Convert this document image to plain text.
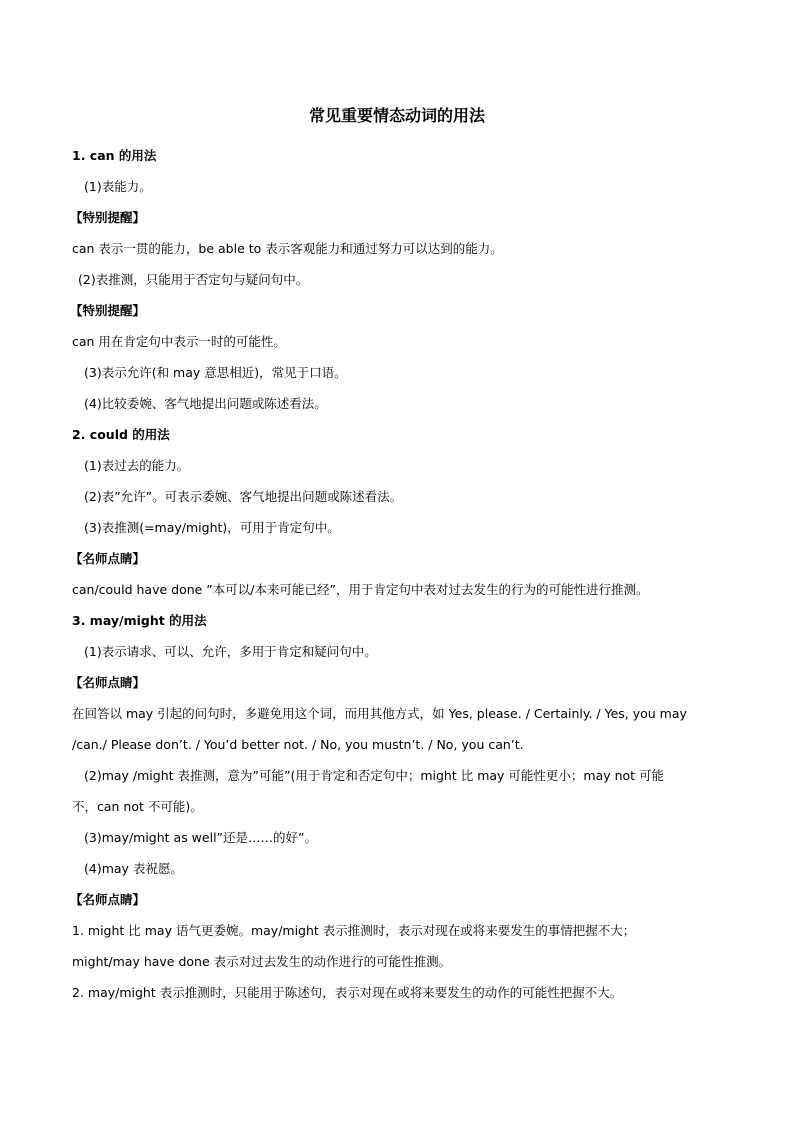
常见重要情态动词的用法
1. can 的用法
(1)表能力。
【特别提醒】
can 表示一贯的能力，be able to 表示客观能力和通过努力可以达到的能力。
(2)表推测，只能用于否定句与疑问句中。
【特别提醒】
can 用在肯定句中表示一时的可能性。
(3)表示允许(和 may 意思相近)，常见于口语。
(4)比较委婉、客气地提出问题或陈述看法。
2. could 的用法
(1)表过去的能力。
(2)表”允许”。可表示委婉、客气地提出问题或陈述看法。
(3)表推测(=may/might)，可用于肯定句中。
【名师点睛】
can/could have done ”本可以/本来可能已经”，用于肯定句中表对过去发生的行为的可能性进行推测。
3. may/might 的用法
(1)表示请求、可以、允许，多用于肯定和疑问句中。
【名师点睛】
在回答以 may 引起的问句时，多避免用这个词，而用其他方式，如 Yes, please. / Certainly. / Yes, you may
/can./ Please don’t. / You’d better not. / No, you mustn’t. / No, you can’t.
(2)may /might 表推测，意为”可能”(用于肯定和否定句中；might 比 may 可能性更小；may not 可能
不，can not 不可能)。
(3)may/might as well”还是……的好”。
(4)may 表祝愿。
【名师点睛】
1. might 比 may 语气更委婉。may/might 表示推测时，表示对现在或将来要发生的事情把握不大；
might/may have done 表示对过去发生的动作进行的可能性推测。
2. may/might 表示推测时，只能用于陈述句，表示对现在或将来要发生的动作的可能性把握不大。
